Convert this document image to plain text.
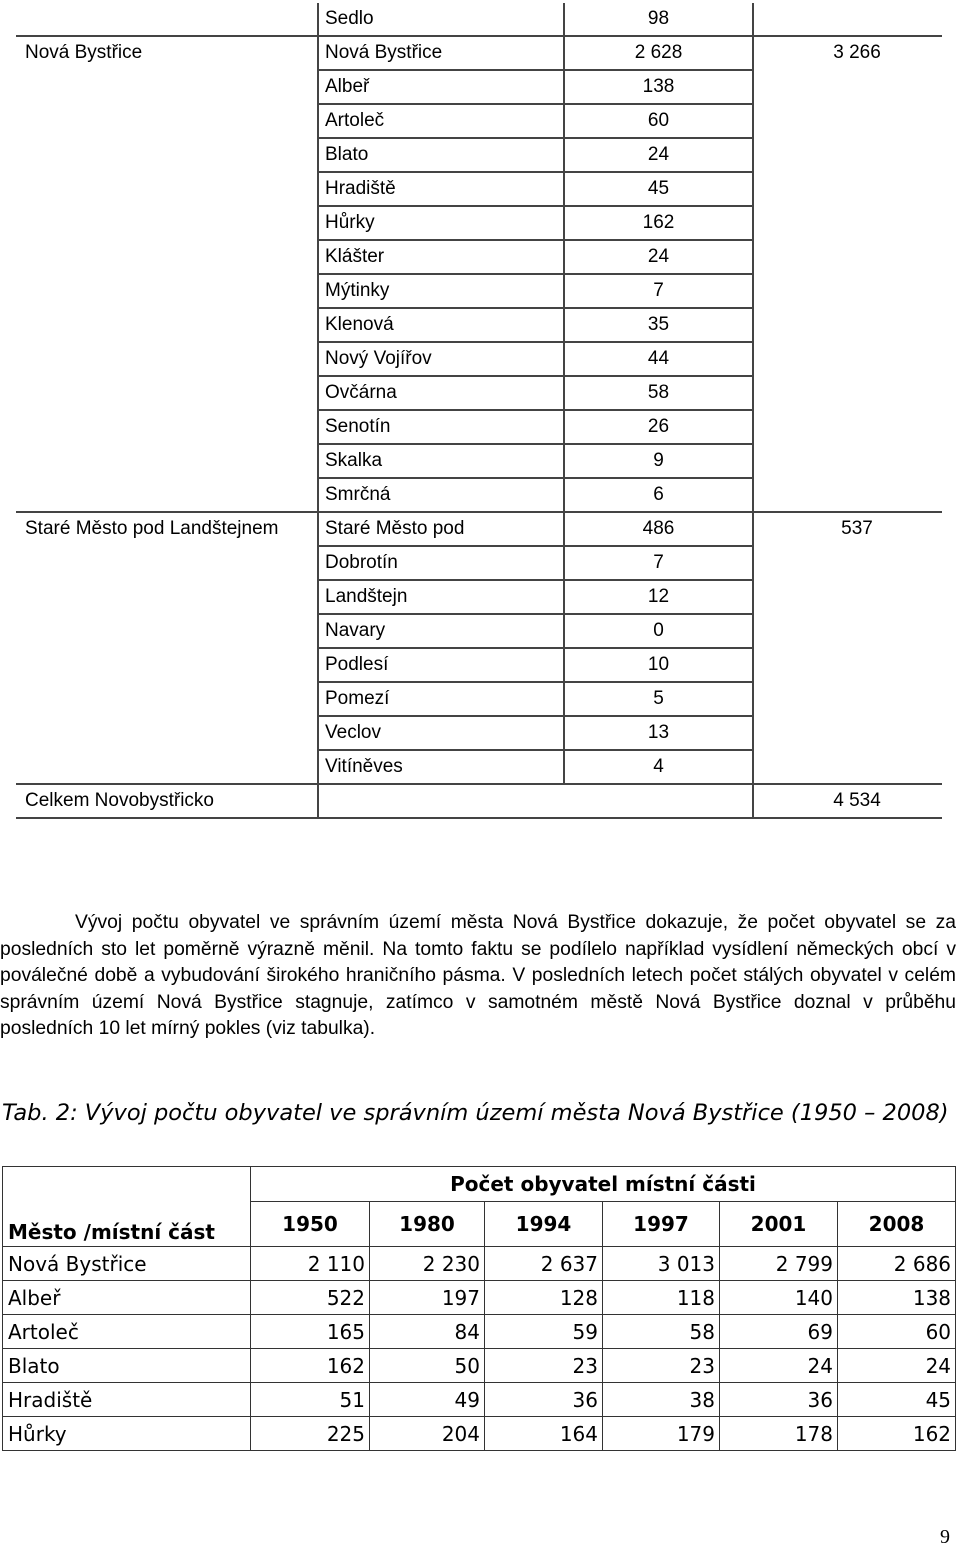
	Sedlo	98	
Nová Bystřice	Nová Bystřice	2 628	3 266
	Albeř	138	
	Artoleč	60	
	Blato	24	
	Hradiště	45	
	Hůrky	162	
	Klášter	24	
	Mýtinky	7	
	Klenová	35	
	Nový Vojířov	44	
	Ovčárna	58	
	Senotín	26	
	Skalka	9	
	Smrčná	6	
Staré Město pod Landštejnem	Staré Město pod	486	537
	Dobrotín	7	
	Landštejn	12	
	Navary	0	
	Podlesí	10	
	Pomezí	5	
	Veclov	13	
	Vitíněves	4	
Celkem Novobystřicko			4 534

Vývoj počtu obyvatel ve správním území města Nová Bystřice dokazuje, že počet obyvatel se za posledních sto let poměrně výrazně měnil. Na tomto faktu se podílelo například vysídlení německých obcí v poválečné době a vybudování širokého hraničního pásma. V posledních letech počet stálých obyvatel v celém správním území Nová Bystřice stagnuje, zatímco v samotném městě Nová Bystřice doznal v průběhu posledních 10 let mírný pokles (viz tabulka).

Tab. 2: Vývoj počtu obyvatel ve správním území města Nová Bystřice (1950 – 2008)
Město /místní část	Počet obyvatel místní části					
	1950	1980	1994	1997	2001	2008
Nová Bystřice	2 110	2 230	2 637	3 013	2 799	2 686
Albeř	522	197	128	118	140	138
Artoleč	165	84	59	58	69	60
Blato	162	50	23	23	24	24
Hradiště	51	49	36	38	36	45
Hůrky	225	204	164	179	178	162
9
